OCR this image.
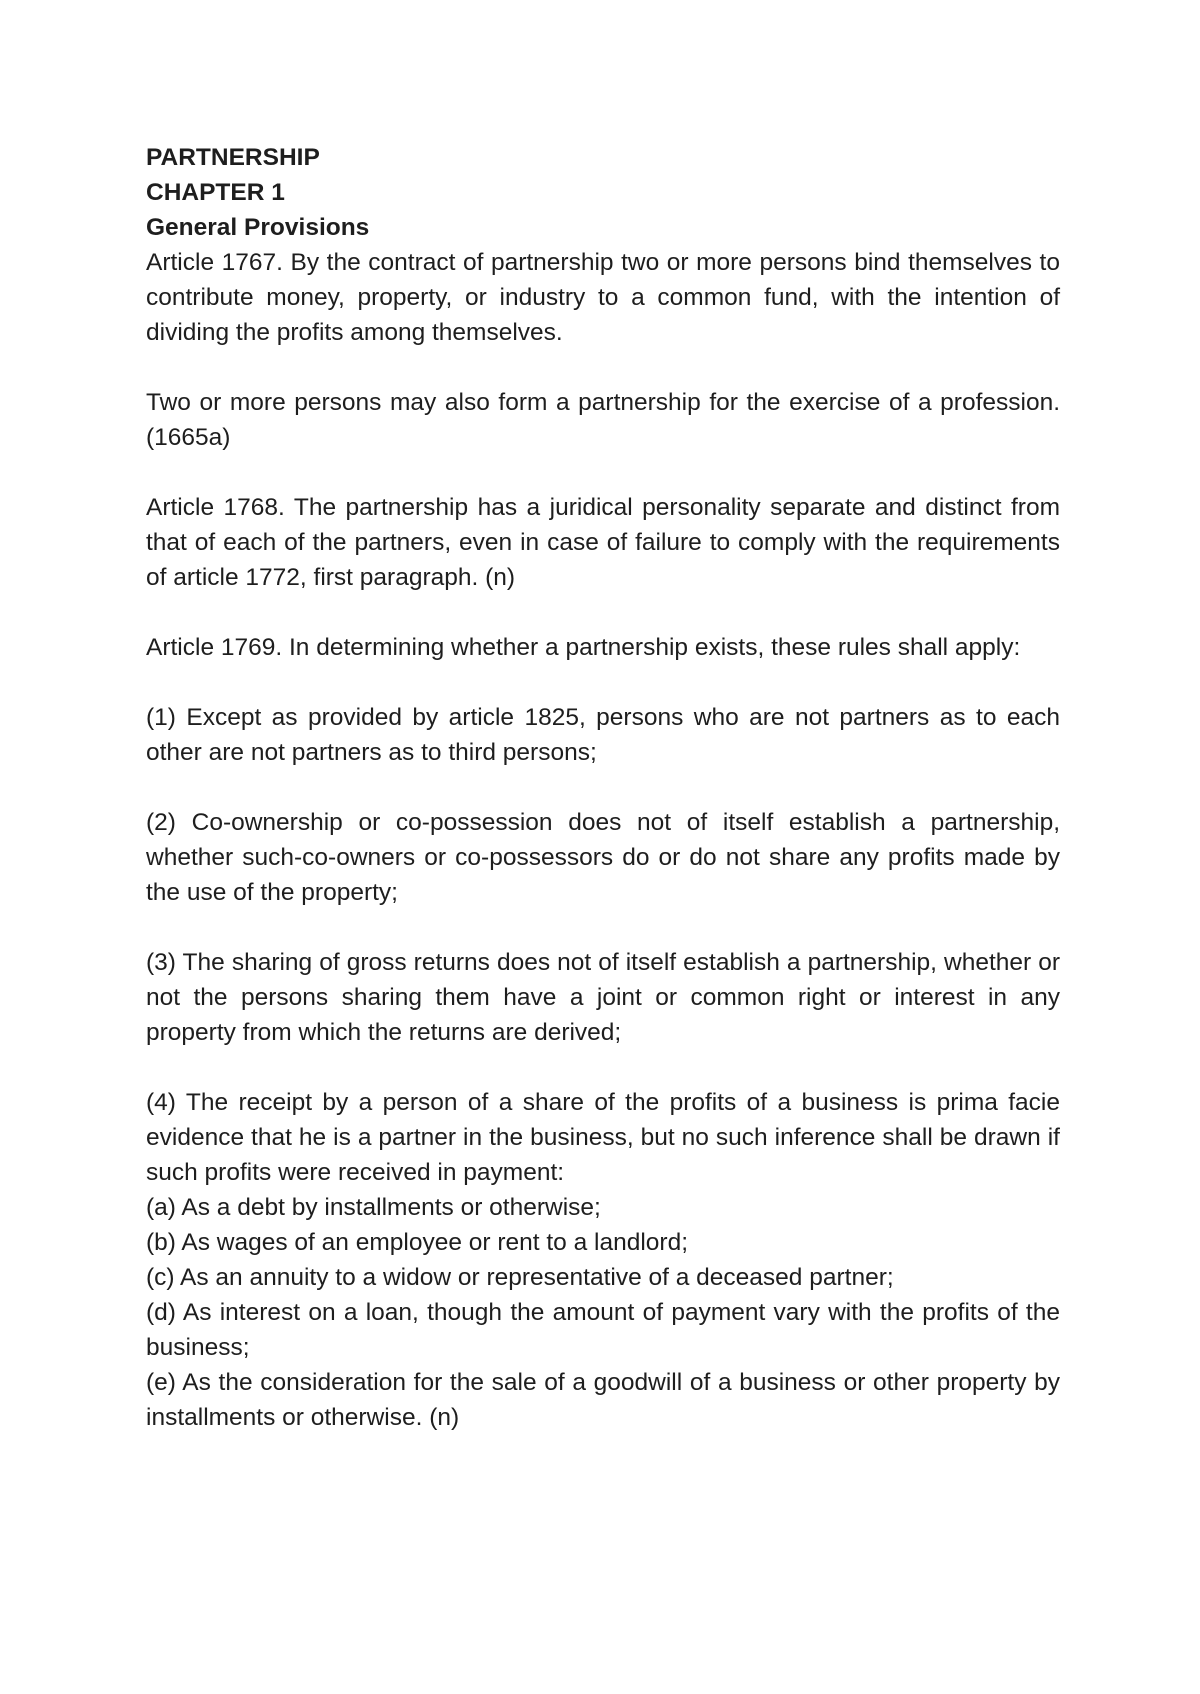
PARTNERSHIP

CHAPTER 1

General Provisions

Article 1767. By the contract of partnership two or more persons bind themselves to contribute money, property, or industry to a common fund, with the intention of dividing the profits among themselves.

Two or more persons may also form a partnership for the exercise of a profession. (1665a)

Article 1768. The partnership has a juridical personality separate and distinct from that of each of the partners, even in case of failure to comply with the requirements of article 1772, first paragraph. (n)

Article 1769. In determining whether a partnership exists, these rules shall apply:

(1) Except as provided by article 1825, persons who are not partners as to each other are not partners as to third persons;

(2) Co-ownership or co-possession does not of itself establish a partnership, whether such-co-owners or co-possessors do or do not share any profits made by the use of the property;

(3) The sharing of gross returns does not of itself establish a partnership, whether or not the persons sharing them have a joint or common right or interest in any property from which the returns are derived;

(4) The receipt by a person of a share of the profits of a business is prima facie evidence that he is a partner in the business, but no such inference shall be drawn if such profits were received in payment:

(a) As a debt by installments or otherwise;

(b) As wages of an employee or rent to a landlord;

(c) As an annuity to a widow or representative of a deceased partner;

(d) As interest on a loan, though the amount of payment vary with the profits of the business;

(e) As the consideration for the sale of a goodwill of a business or other property by installments or otherwise. (n)
